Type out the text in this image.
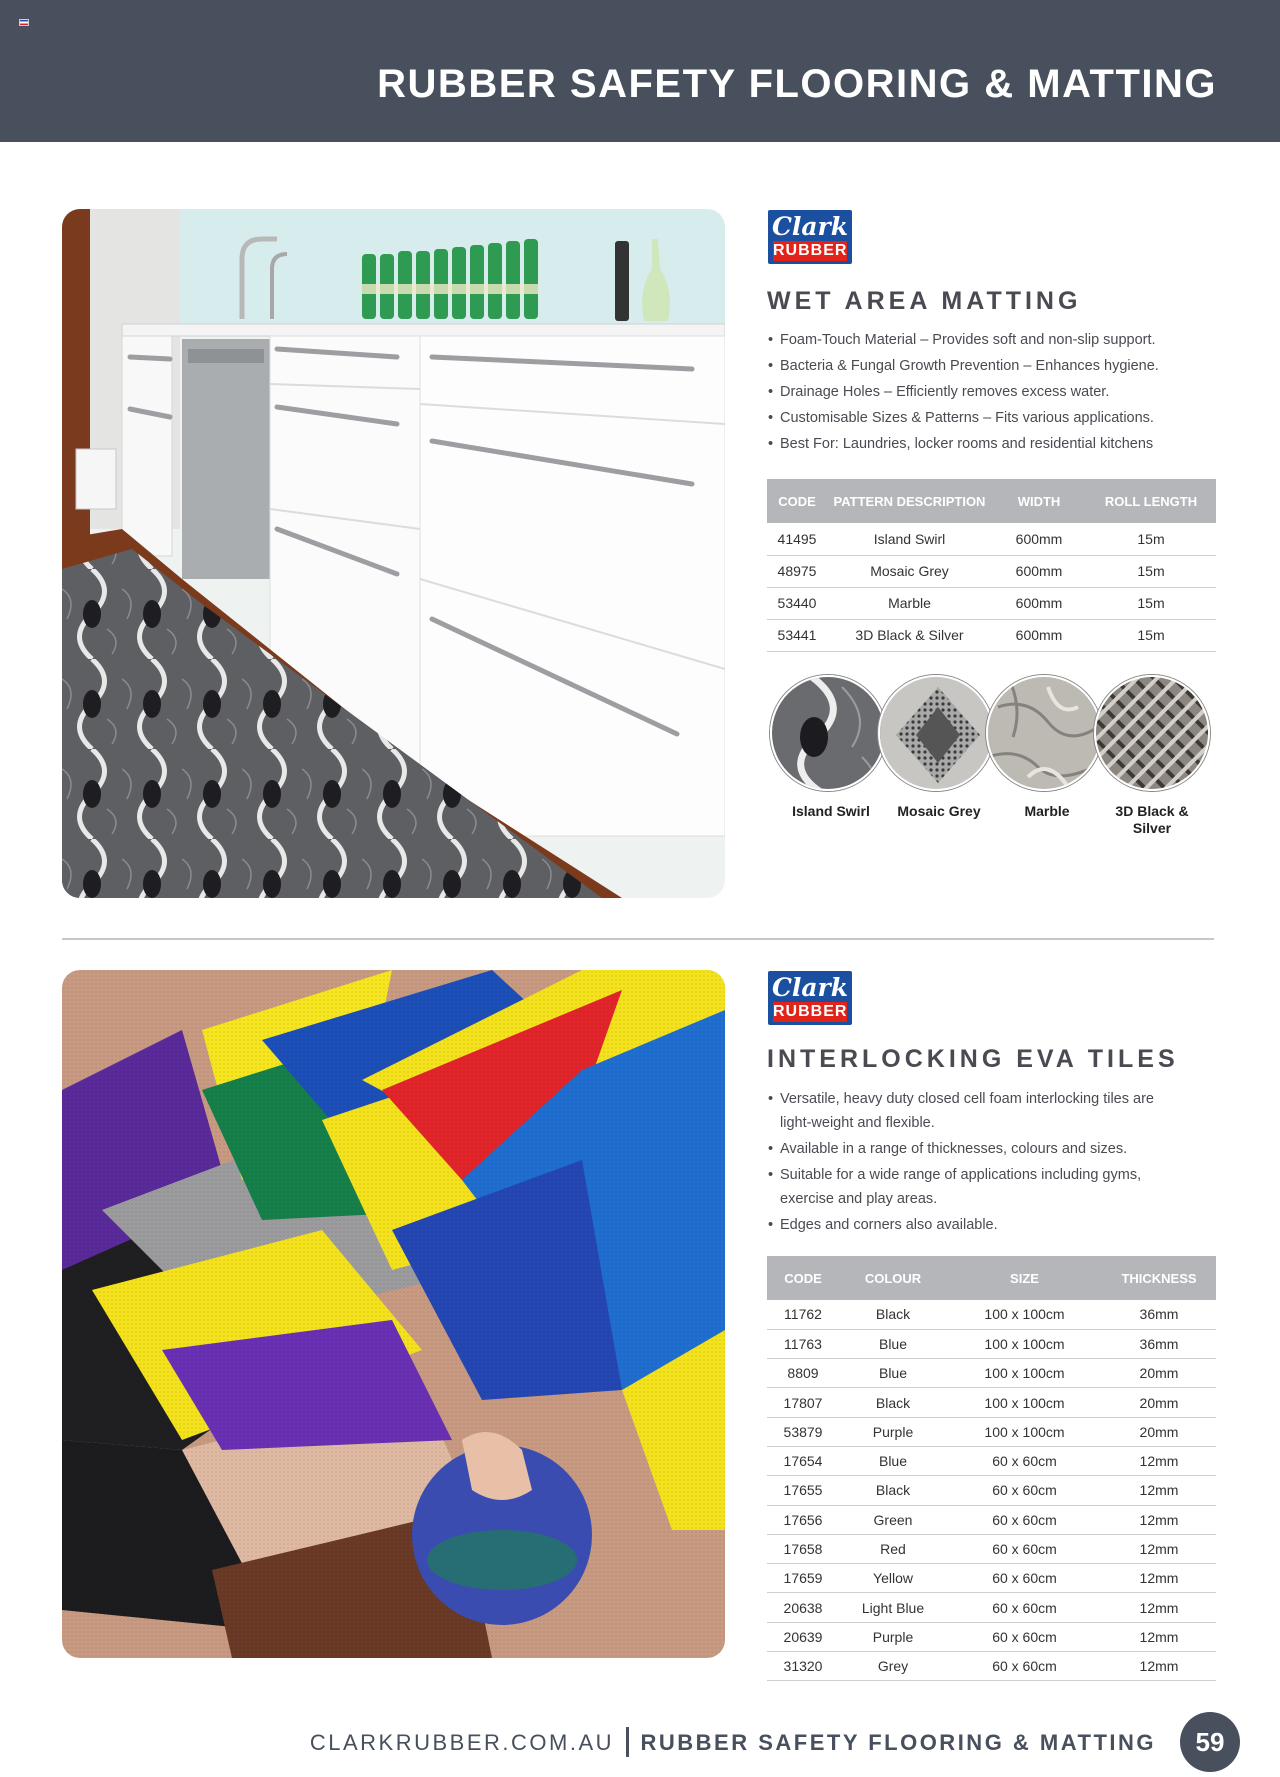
RUBBER SAFETY FLOORING & MATTING
Clark
RUBBER
WET AREA MATTING
• Foam-Touch Material – Provides soft and non-slip support.
• Bacteria & Fungal Growth Prevention – Enhances hygiene.
• Drainage Holes – Efficiently removes excess water.
• Customisable Sizes & Patterns – Fits various applications.
• Best For: Laundries, locker rooms and residential kitchens
CODE	PATTERN DESCRIPTION	WIDTH	ROLL LENGTH
41495	Island Swirl	600mm	15m
48975	Mosaic Grey	600mm	15m
53440	Marble	600mm	15m
53441	3D Black & Silver	600mm	15m
Island Swirl	Mosaic Grey	Marble	3D Black & Silver
Clark
RUBBER
INTERLOCKING EVA TILES
• Versatile, heavy duty closed cell foam interlocking tiles are light-weight and flexible.
• Available in a range of thicknesses, colours and sizes.
• Suitable for a wide range of applications including gyms, exercise and play areas.
• Edges and corners also available.
CODE	COLOUR	SIZE	THICKNESS
11762	Black	100 x 100cm	36mm
11763	Blue	100 x 100cm	36mm
8809	Blue	100 x 100cm	20mm
17807	Black	100 x 100cm	20mm
53879	Purple	100 x 100cm	20mm
17654	Blue	60 x 60cm	12mm
17655	Black	60 x 60cm	12mm
17656	Green	60 x 60cm	12mm
17658	Red	60 x 60cm	12mm
17659	Yellow	60 x 60cm	12mm
20638	Light Blue	60 x 60cm	12mm
20639	Purple	60 x 60cm	12mm
31320	Grey	60 x 60cm	12mm
CLARKRUBBER.COM.AU RUBBER SAFETY FLOORING & MATTING	59
